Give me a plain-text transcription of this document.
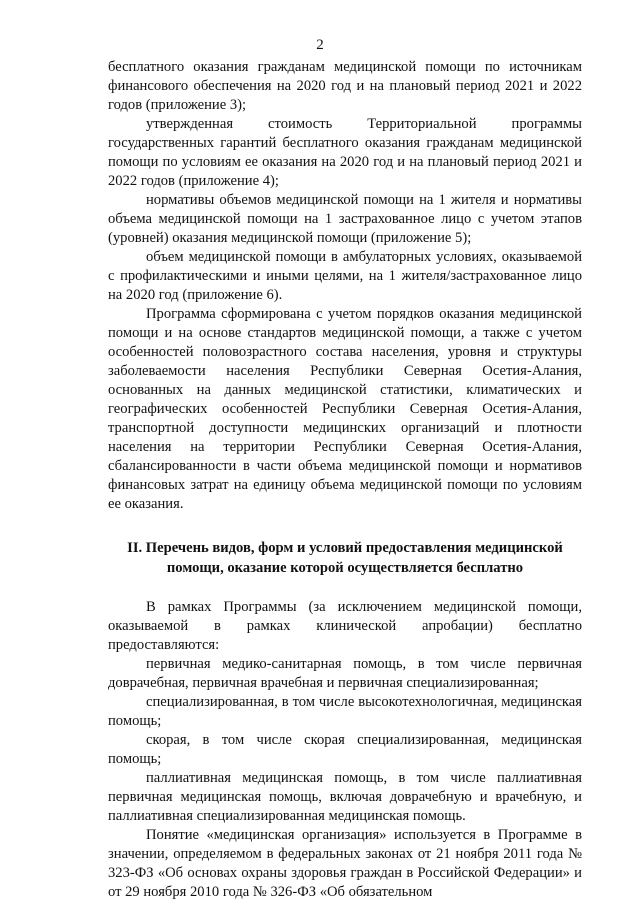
2

бесплатного оказания гражданам медицинской помощи по источникам финансового обеспечения на 2020 год и на плановый период 2021 и 2022 годов (приложение 3);

утвержденная стоимость Территориальной программы государственных гарантий бесплатного оказания гражданам медицинской помощи по условиям ее оказания на 2020 год и на плановый период 2021 и 2022 годов (приложение 4);

нормативы объемов медицинской помощи на 1 жителя и нормативы объема медицинской помощи на 1 застрахованное лицо с учетом этапов (уровней) оказания медицинской помощи (приложение 5);

объем медицинской помощи в амбулаторных условиях, оказываемой с профилактическими и иными целями, на 1 жителя/застрахованное лицо на 2020 год (приложение 6).

Программа сформирована с учетом порядков оказания медицинской помощи и на основе стандартов медицинской помощи, а также с учетом особенностей половозрастного состава населения, уровня и структуры заболеваемости населения Республики Северная Осетия-Алания, основанных на данных медицинской статистики, климатических и географических особенностей Республики Северная Осетия-Алания, транспортной доступности медицинских организаций и плотности населения на территории Республики Северная Осетия-Алания, сбалансированности в части объема медицинской помощи и нормативов финансовых затрат на единицу объема медицинской помощи по условиям ее оказания.

II. Перечень видов, форм и условий предоставления медицинской помощи, оказание которой осуществляется бесплатно

В рамках Программы (за исключением медицинской помощи, оказываемой в рамках клинической апробации) бесплатно предоставляются:

первичная медико-санитарная помощь, в том числе первичная доврачебная, первичная врачебная и первичная специализированная;

специализированная, в том числе высокотехнологичная, медицинская помощь;

скорая, в том числе скорая специализированная, медицинская помощь;

паллиативная медицинская помощь, в том числе паллиативная первичная медицинская помощь, включая доврачебную и врачебную, и паллиативная специализированная медицинская помощь.

Понятие «медицинская организация» используется в Программе в значении, определяемом в федеральных законах от 21 ноября 2011 года № 323-ФЗ «Об основах охраны здоровья граждан в Российской Федерации» и от 29 ноября 2010 года № 326-ФЗ «Об обязательном
